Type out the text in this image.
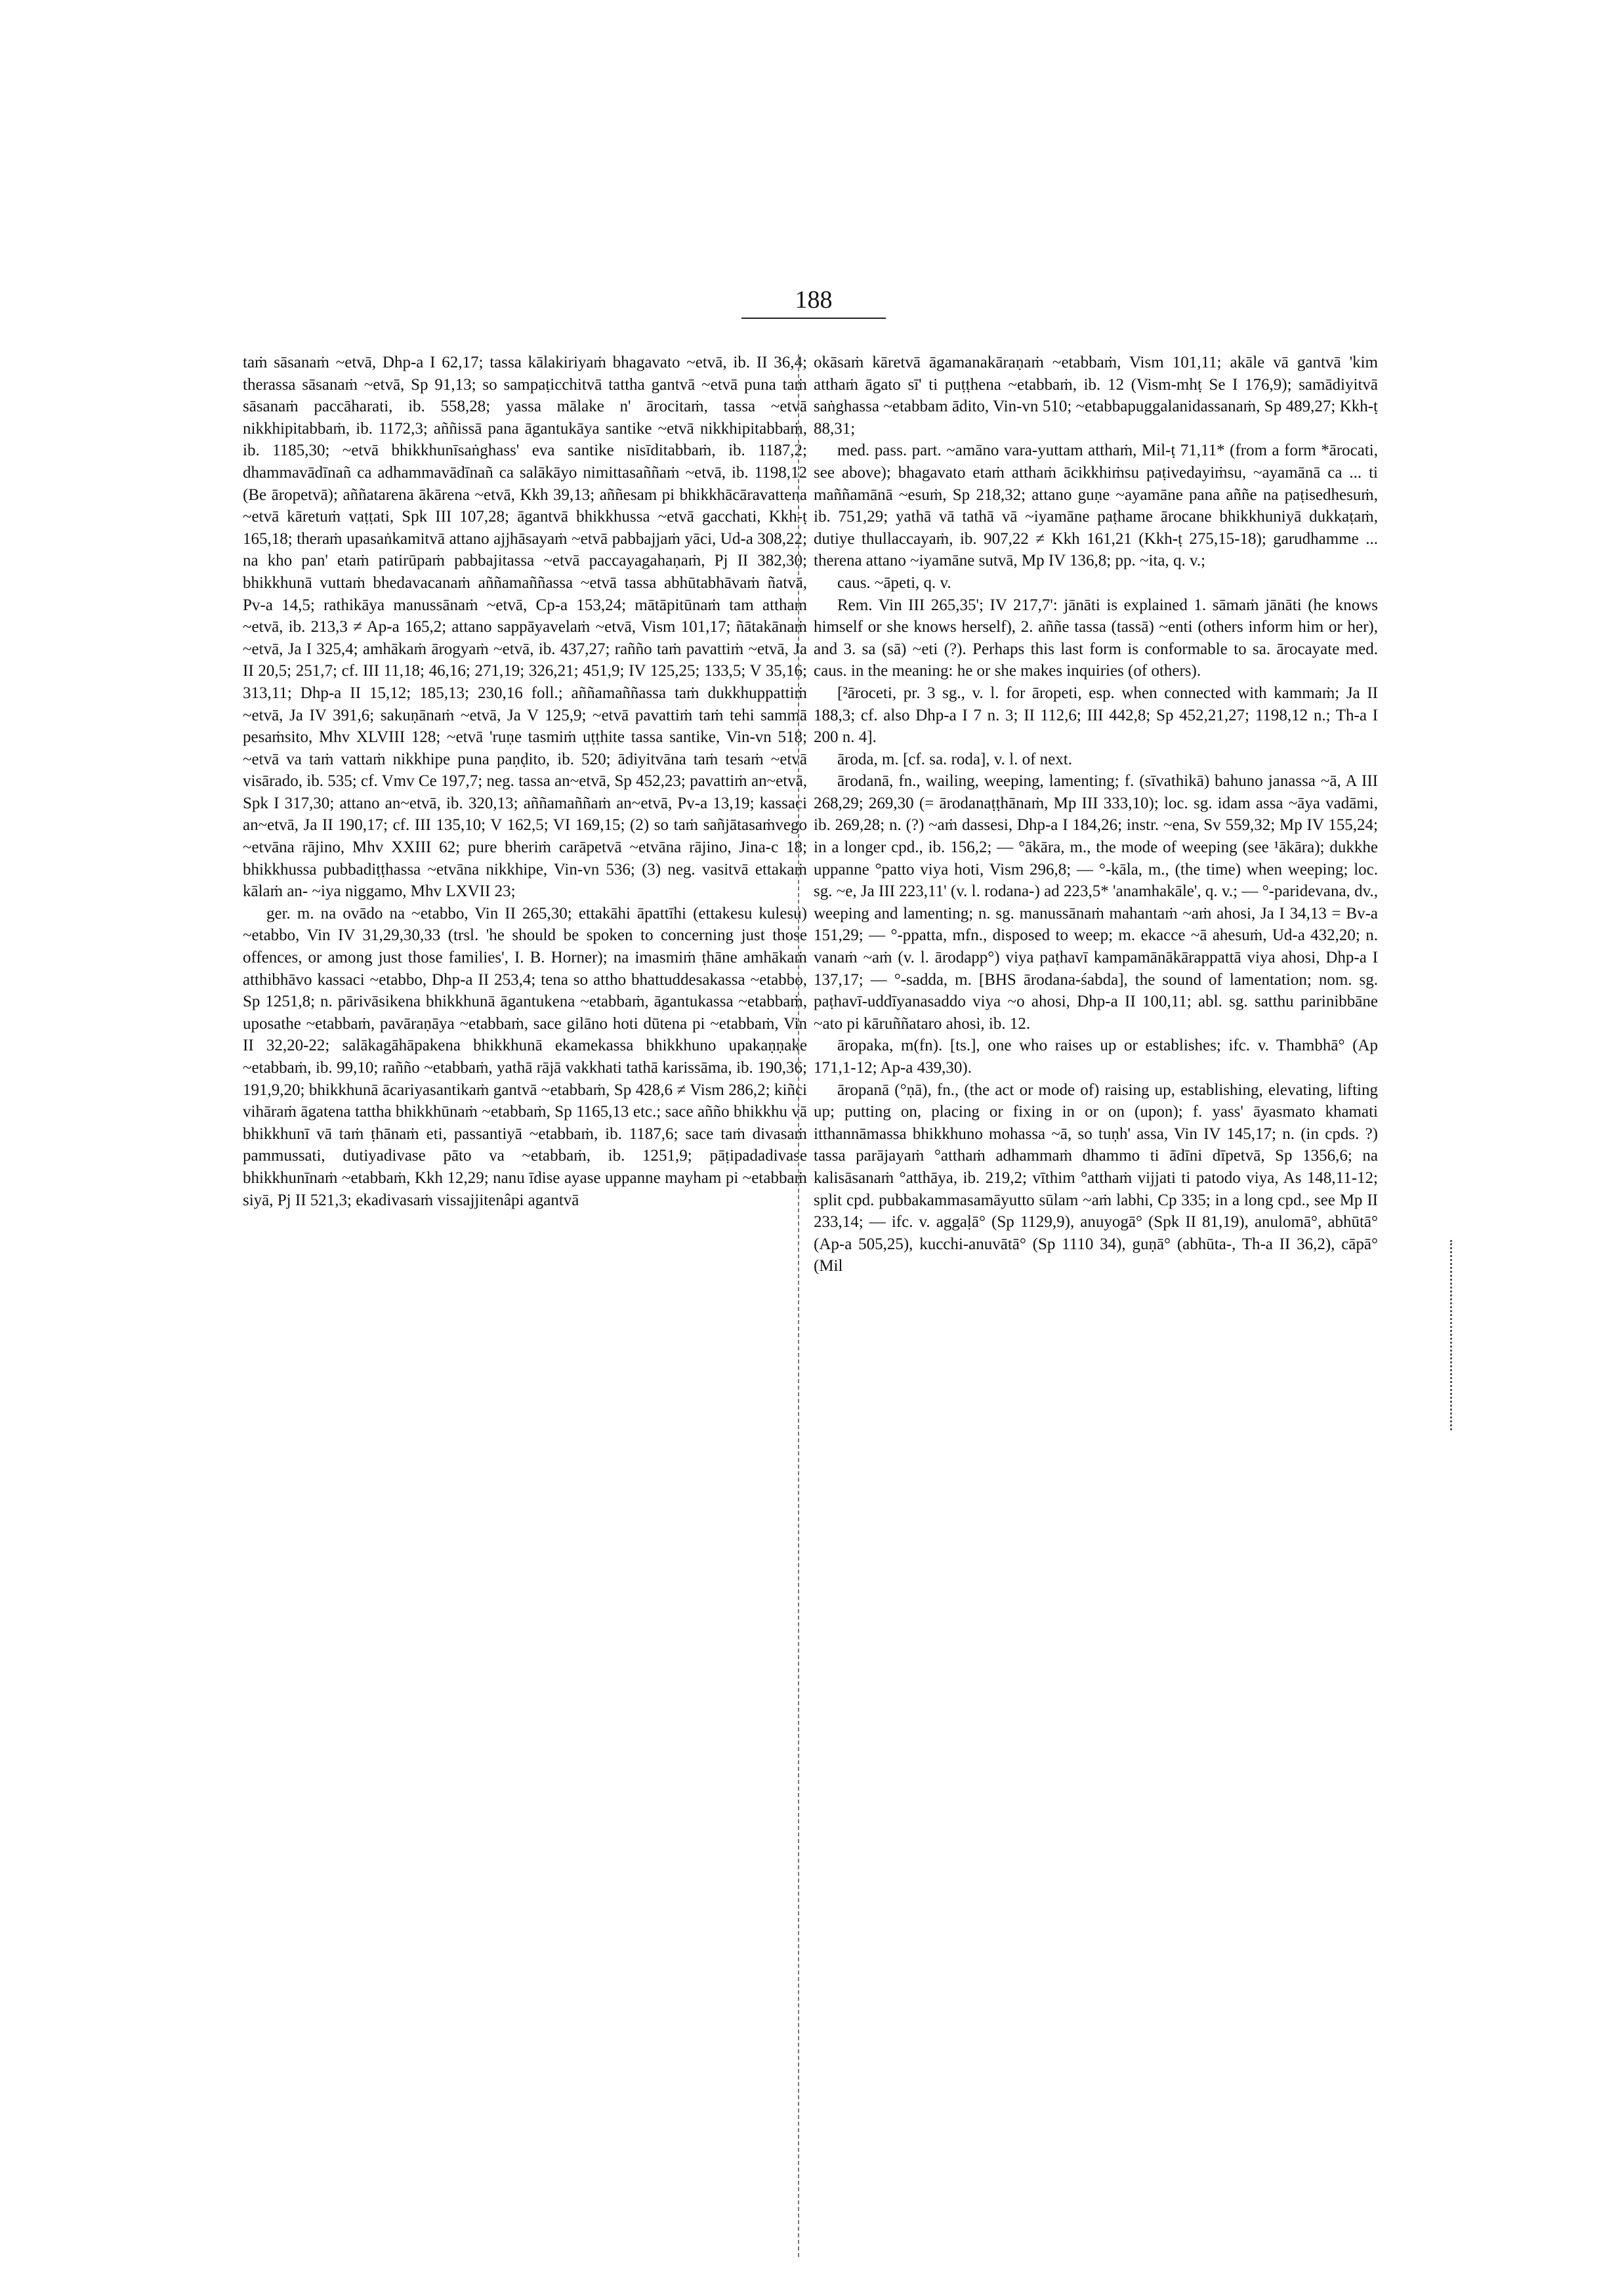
188

taṁ sāsanaṁ ~etvā, Dhp-a I 62,17; tassa kālakiriyaṁ bhagavato ~etvā, ib. II 36,4; therassa sāsanaṁ ~etvā, Sp 91,13; so sampaṭicchitvā tattha gantvā ~etvā puna taṁ sāsanaṁ paccāharati, ib. 558,28; yassa mālake n' ārocitaṁ, tassa ~etvā nikkhipitabbaṁ, ib. 1172,3; aññissā pana āgantukāya santike ~etvā nikkhipitabbaṁ, ib. 1185,30; ~etvā bhikkhunīsaṅghass' eva santike nisīditabbaṁ, ib. 1187,2; dhammavādīnañ ca adhammavādīnañ ca salākāyo nimittasaññaṁ ~etvā, ib. 1198,12 (Be āropetvā); aññatarena ākārena ~etvā, Kkh 39,13; aññesam pi bhikkhācāravattena ~etvā kāretuṁ vaṭṭati, Spk III 107,28; āgantvā bhikkhussa ~etvā gacchati, Kkh-ṭ 165,18; theraṁ upasaṅkamitvā attano ajjhāsayaṁ ~etvā pabbajjaṁ yāci, Ud-a 308,22; na kho pan' etaṁ patirūpaṁ pabbajitassa ~etvā paccayagahaṇaṁ, Pj II 382,30; bhikkhunā vuttaṁ bhedavacanaṁ aññamaññassa ~etvā tassa abhūtabhāvaṁ ñatvā, Pv-a 14,5; rathikāya manussānaṁ ~etvā, Cp-a 153,24; mātāpitūnaṁ tam attham ~etvā, ib. 213,3 ≠ Ap-a 165,2; attano sappāyavelaṁ ~etvā, Vism 101,17; ñātakānaṁ ~etvā, Ja I 325,4; amhākaṁ ārogyaṁ ~etvā, ib. 437,27; rañño taṁ pavattiṁ ~etvā, Ja II 20,5; 251,7; cf. III 11,18; 46,16; 271,19; 326,21; 451,9; IV 125,25; 133,5; V 35,16; 313,11; Dhp-a II 15,12; 185,13; 230,16 foll.; aññamaññassa taṁ dukkhuppattiṁ ~etvā, Ja IV 391,6; sakuṇānaṁ ~etvā, Ja V 125,9; ~etvā pavattiṁ taṁ tehi sammā pesaṁsito, Mhv XLVIII 128; ~etvā 'ruṇe tasmiṁ uṭṭhite tassa santike, Vin-vn 518; ~etvā va taṁ vattaṁ nikkhipe puna paṇḍito, ib. 520; ādiyitvāna taṁ tesaṁ ~etvā visārado, ib. 535; cf. Vmv Ce 197,7; neg. tassa an~etvā, Sp 452,23; pavattiṁ an~etvā, Spk I 317,30; attano an~etvā, ib. 320,13; aññamaññaṁ an~etvā, Pv-a 13,19; kassaci an~etvā, Ja II 190,17; cf. III 135,10; V 162,5; VI 169,15; (2) so taṁ sañjātasaṁvego ~etvāna rājino, Mhv XXIII 62; pure bheriṁ carāpetvā ~etvāna rājino, Jina-c 18; bhikkhussa pubbadiṭṭhassa ~etvāna nikkhipe, Vin-vn 536; (3) neg. vasitvā ettakaṁ kālaṁ an- ~iya niggamo, Mhv LXVII 23;

ger. m. na ovādo na ~etabbo, Vin II 265,30; ettakāhi āpattīhi (ettakesu kulesu) ~etabbo, Vin IV 31,29,30,33 (trsl. 'he should be spoken to concerning just those offences, or among just those families', I. B. Horner); na imasmiṁ ṭhāne amhākaṁ atthibhāvo kassaci ~etabbo, Dhp-a II 253,4; tena so attho bhattuddesakassa ~etabbo, Sp 1251,8; n. pārivāsikena bhikkhunā āgantukena ~etabbaṁ, āgantukassa ~etabbaṁ, uposathe ~etabbaṁ, pavāraṇāya ~etabbaṁ, sace gilāno hoti dūtena pi ~etabbaṁ, Vin II 32,20-22; salākagāhāpakena bhikkhunā ekamekassa bhikkhuno upakaṇṇake ~etabbaṁ, ib. 99,10; rañño ~etabbaṁ, yathā rājā vakkhati tathā karissāma, ib. 190,36; 191,9,20; bhikkhunā ācariyasantikaṁ gantvā ~etabbaṁ, Sp 428,6 ≠ Vism 286,2; kiñci vihāraṁ āgatena tattha bhikkhūnaṁ ~etabbaṁ, Sp 1165,13 etc.; sace añño bhikkhu vā bhikkhunī vā taṁ ṭhānaṁ eti, passantiyā ~etabbaṁ, ib. 1187,6; sace taṁ divasaṁ pammussati, dutiyadivase pāto va ~etabbaṁ, ib. 1251,9; pāṭipadadivase bhikkhunīnaṁ ~etabbaṁ, Kkh 12,29; nanu īdise ayase uppanne mayham pi ~etabbaṁ siyā, Pj II 521,3; ekadivasaṁ vissajjitenâpi agantvā

okāsaṁ kāretvā āgamanakāraṇaṁ ~etabbaṁ, Vism 101,11; akāle vā gantvā 'kim atthaṁ āgato sī' ti puṭṭhena ~etabbaṁ, ib. 12 (Vism-mhṭ Se I 176,9); samādiyitvā saṅghassa ~etabbam ādito, Vin-vn 510; ~etabbapuggalanidassanaṁ, Sp 489,27; Kkh-ṭ 88,31;

med. pass. part. ~amāno vara-yuttam atthaṁ, Mil-ṭ 71,11* (from a form *ārocati, see above); bhagavato etaṁ atthaṁ ācikkhiṁsu paṭivedayiṁsu, ~ayamānā ca ... ti maññamānā ~esuṁ, Sp 218,32; attano guṇe ~ayamāne pana aññe na paṭisedhesuṁ, ib. 751,29; yathā vā tathā vā ~iyamāne paṭhame ārocane bhikkhuniyā dukkaṭaṁ, dutiye thullaccayaṁ, ib. 907,22 ≠ Kkh 161,21 (Kkh-ṭ 275,15-18); garudhamme ... therena attano ~iyamāne sutvā, Mp IV 136,8; pp. ~ita, q. v.;

caus. ~āpeti, q. v.

Rem. Vin III 265,35'; IV 217,7': jānāti is explained 1. sāmaṁ jānāti (he knows himself or she knows herself), 2. aññe tassa (tassā) ~enti (others inform him or her), and 3. sa (sā) ~eti (?). Perhaps this last form is conformable to sa. ārocayate med. caus. in the meaning: he or she makes inquiries (of others).

[²āroceti, pr. 3 sg., v. l. for āropeti, esp. when connected with kammaṁ; Ja II 188,3; cf. also Dhp-a I 7 n. 3; II 112,6; III 442,8; Sp 452,21,27; 1198,12 n.; Th-a I 200 n. 4].

āroda, m. [cf. sa. roda], v. l. of next.

ārodanā, fn., wailing, weeping, lamenting; f. (sīvathikā) bahuno janassa ~ā, A III 268,29; 269,30 (= ārodanaṭṭhānaṁ, Mp III 333,10); loc. sg. idam assa ~āya vadāmi, ib. 269,28; n. (?) ~aṁ dassesi, Dhp-a I 184,26; instr. ~ena, Sv 559,32; Mp IV 155,24; in a longer cpd., ib. 156,2; — °ākāra, m., the mode of weeping (see ¹ākāra); dukkhe uppanne °patto viya hoti, Vism 296,8; — °-kāla, m., (the time) when weeping; loc. sg. ~e, Ja III 223,11' (v. l. rodana-) ad 223,5* 'anamhakāle', q. v.; — °-paridevana, dv., weeping and lamenting; n. sg. manussānaṁ mahantaṁ ~aṁ ahosi, Ja I 34,13 = Bv-a 151,29; — °-ppatta, mfn., disposed to weep; m. ekacce ~ā ahesuṁ, Ud-a 432,20; n. vanaṁ ~aṁ (v. l. ārodapp°) viya paṭhavī kampamānākārappattā viya ahosi, Dhp-a I 137,17; — °-sadda, m. [BHS ārodana-śabda], the sound of lamentation; nom. sg. paṭhavī-uddīyanasaddo viya ~o ahosi, Dhp-a II 100,11; abl. sg. satthu parinibbāne ~ato pi kāruññataro ahosi, ib. 12.

āropaka, m(fn). [ts.], one who raises up or establishes; ifc. v. Thambhā° (Ap 171,1-12; Ap-a 439,30).

āropanā (°ṇā), fn., (the act or mode of) raising up, establishing, elevating, lifting up; putting on, placing or fixing in or on (upon); f. yass' āyasmato khamati itthannāmassa bhikkhuno mohassa ~ā, so tuṇh' assa, Vin IV 145,17; n. (in cpds. ?) tassa parājayaṁ °atthaṁ adhammaṁ dhammo ti ādīni dīpetvā, Sp 1356,6; na kalisāsanaṁ °atthāya, ib. 219,2; vīthim °atthaṁ vijjati ti patodo viya, As 148,11-12; split cpd. pubbakammasamāyutto sūlam ~aṁ labhi, Cp 335; in a long cpd., see Mp II 233,14; — ifc. v. aggaḷā° (Sp 1129,9), anuyogā° (Spk II 81,19), anulomā°, abhūtā° (Ap-a 505,25), kucchi-anuvātā° (Sp 1110 34), guṇā° (abhūta-, Th-a II 36,2), cāpā° (Mil
